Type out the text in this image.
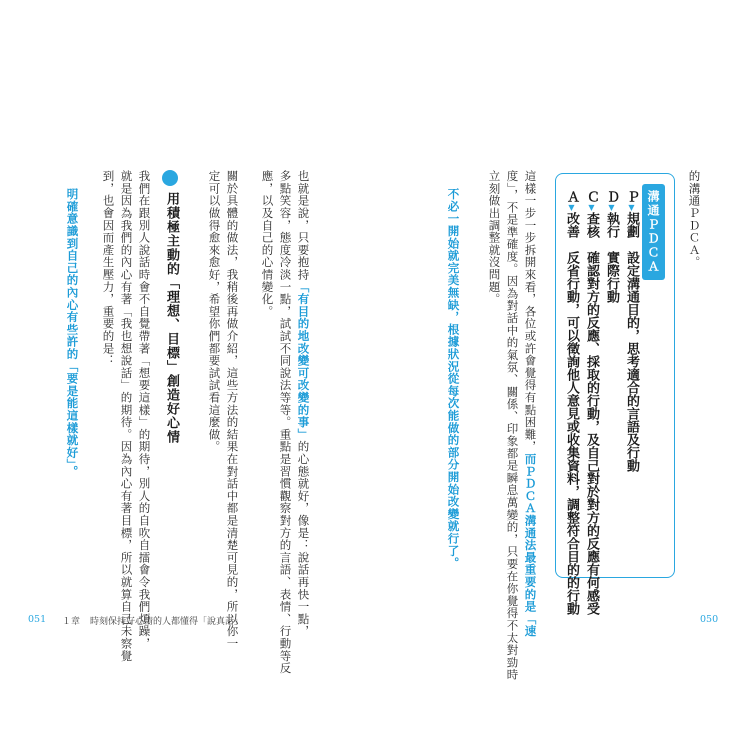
的溝通ＰＤＣＡ。
溝通ＰＤＣＡ
Ｐ▼規劃　設定溝通目的，思考適合的言語及行動
Ｄ▼執行　實際行動
Ｃ▼查核　確認對方的反應、採取的行動，及自己對於對方的反應有何感受
Ａ▼改善　反省行動，可以徵詢他人意見或收集資料，調整符合目的的行動
這樣一步一步拆開來看，各位或許會覺得有點困難，而ＰＤＣＡ溝通法最重要的是「速
度」，不是準確度。因為對話中的氣氛、關係、印象都是瞬息萬變的，只要在你覺得不太對勁時
立刻做出調整就沒問題。
不必一開始就完美無缺，根據狀況從每次能做的部分開始改變就行了。
也就是說，只要抱持「有目的地改變可改變的事」的心態就好，像是：說話再快一點，
多點笑容，態度冷淡一點，試試不同說法等等。重點是習慣觀察對方的言語、表情、行動等反
應，以及自己的心情變化。
關於具體的做法，我稍後再做介紹，這些方法的結果在對話中都是清楚可見的，所以你一
定可以做得愈來愈好，希望你們都要試試看這麼做。
用積極主動的「理想、目標」創造好心情
我們在跟別人說話時會不自覺帶著「想要這樣」的期待，別人的自吹自擂會令我們煩躁，
就是因為我們的內心有著「我也想說話」的期待。因為內心有著目標，所以就算自己未察覺
到，也會因而產生壓力，重要的是：
明確意識到自己的內心有些許的「要是能這樣就好」。
051 １章 時刻保持好心情的人都懂得「說真話」	050
